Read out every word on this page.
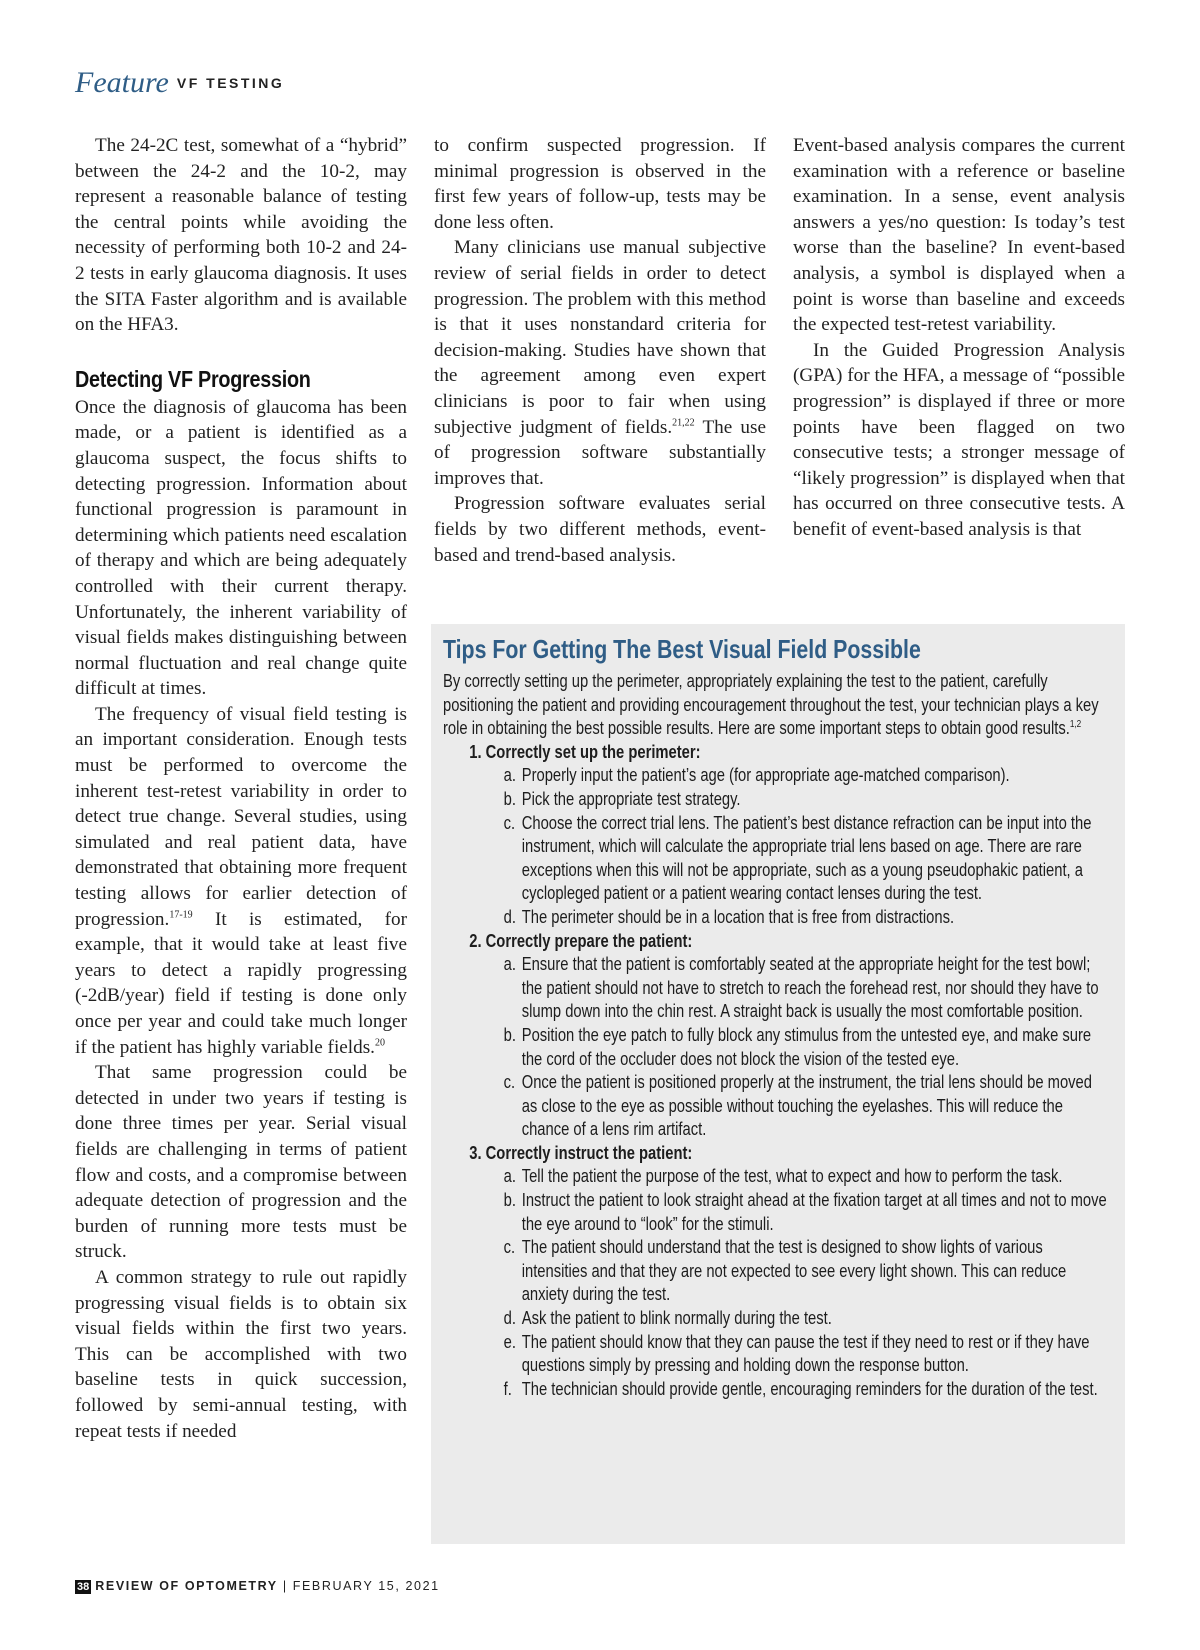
Feature VF TESTING

The 24-2C test, somewhat of a “hybrid” between the 24-2 and the 10-2, may represent a reasonable balance of testing the central points while avoiding the necessity of performing both 10-2 and 24-2 tests in early glaucoma diagnosis. It uses the SITA Faster algorithm and is available on the HFA3.

Detecting VF Progression

Once the diagnosis of glaucoma has been made, or a patient is identified as a glaucoma suspect, the focus shifts to detecting progression. Information about functional progression is paramount in determining which patients need escalation of therapy and which are being adequately controlled with their current therapy. Unfortunately, the inherent variability of visual fields makes distinguishing between normal fluctuation and real change quite difficult at times.

The frequency of visual field testing is an important consideration. Enough tests must be performed to overcome the inherent test-retest variability in order to detect true change. Several studies, using simulated and real patient data, have demonstrated that obtaining more frequent testing allows for earlier detection of progression.$^{17-19}$ It is estimated, for example, that it would take at least five years to detect a rapidly progressing (-2dB/year) field if testing is done only once per year and could take much longer if the patient has highly variable fields.$^{20}$

That same progression could be detected in under two years if testing is done three times per year. Serial visual fields are challenging in terms of patient flow and costs, and a compromise between adequate detection of progression and the burden of running more tests must be struck.

A common strategy to rule out rapidly progressing visual fields is to obtain six visual fields within the first two years. This can be accomplished with two baseline tests in quick succession, followed by semi-annual testing, with repeat tests if needed

to confirm suspected progression. If minimal progression is observed in the first few years of follow-up, tests may be done less often.

Many clinicians use manual subjective review of serial fields in order to detect progression. The problem with this method is that it uses nonstandard criteria for decision-making. Studies have shown that the agreement among even expert clinicians is poor to fair when using subjective judgment of fields.$^{21,22}$ The use of progression software substantially improves that.

Progression software evaluates serial fields by two different methods, event-based and trend-based analysis.

Event-based analysis compares the current examination with a reference or baseline examination. In a sense, event analysis answers a yes/no question: Is today’s test worse than the baseline? In event-based analysis, a symbol is displayed when a point is worse than baseline and exceeds the expected test-retest variability.

In the Guided Progression Analysis (GPA) for the HFA, a message of “possible progression” is displayed if three or more points have been flagged on two consecutive tests; a stronger message of “likely progression” is displayed when that has occurred on three consecutive tests. A benefit of event-based analysis is that

Tips For Getting The Best Visual Field Possible

By correctly setting up the perimeter, appropriately explaining the test to the patient, carefully positioning the patient and providing encouragement throughout the test, your technician plays a key role in obtaining the best possible results. Here are some important steps to obtain good results.$^{1,2}$

1. Correctly set up the perimeter:
a. Properly input the patient’s age (for appropriate age-matched comparison).
b. Pick the appropriate test strategy.
c. Choose the correct trial lens. The patient’s best distance refraction can be input into the instrument, which will calculate the appropriate trial lens based on age. There are rare exceptions when this will not be appropriate, such as a young pseudophakic patient, a cyclopleged patient or a patient wearing contact lenses during the test.
d. The perimeter should be in a location that is free from distractions.
2. Correctly prepare the patient:
a. Ensure that the patient is comfortably seated at the appropriate height for the test bowl; the patient should not have to stretch to reach the forehead rest, nor should they have to slump down into the chin rest. A straight back is usually the most comfortable position.
b. Position the eye patch to fully block any stimulus from the untested eye, and make sure the cord of the occluder does not block the vision of the tested eye.
c. Once the patient is positioned properly at the instrument, the trial lens should be moved as close to the eye as possible without touching the eyelashes. This will reduce the chance of a lens rim artifact.
3. Correctly instruct the patient:
a. Tell the patient the purpose of the test, what to expect and how to perform the task.
b. Instruct the patient to look straight ahead at the fixation target at all times and not to move the eye around to “look” for the stimuli.
c. The patient should understand that the test is designed to show lights of various intensities and that they are not expected to see every light shown. This can reduce anxiety during the test.
d. Ask the patient to blink normally during the test.
e. The patient should know that they can pause the test if they need to rest or if they have questions simply by pressing and holding down the response button.
f. The technician should provide gentle, encouraging reminders for the duration of the test.
38 REVIEW OF OPTOMETRY | FEBRUARY 15, 2021
